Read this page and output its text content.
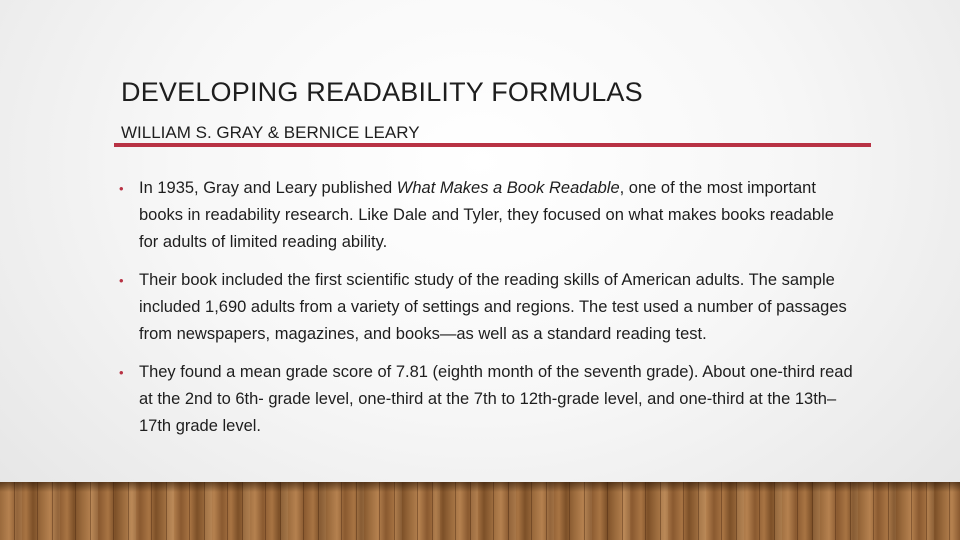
DEVELOPING READABILITY FORMULAS
WILLIAM S. GRAY & BERNICE LEARY
• In 1935, Gray and Leary published What Makes a Book Readable, one of the most important books in readability research. Like Dale and Tyler, they focused on what makes books readable for adults of limited reading ability.
• Their book included the first scientific study of the reading skills of American adults. The sample included 1,690 adults from a variety of settings and regions. The test used a number of passages from newspapers, magazines, and books—as well as a standard reading test.
• They found a mean grade score of 7.81 (eighth month of the seventh grade). About one-third read at the 2nd to 6th- grade level, one-third at the 7th to 12th-grade level, and one-third at the 13th–17th grade level.
